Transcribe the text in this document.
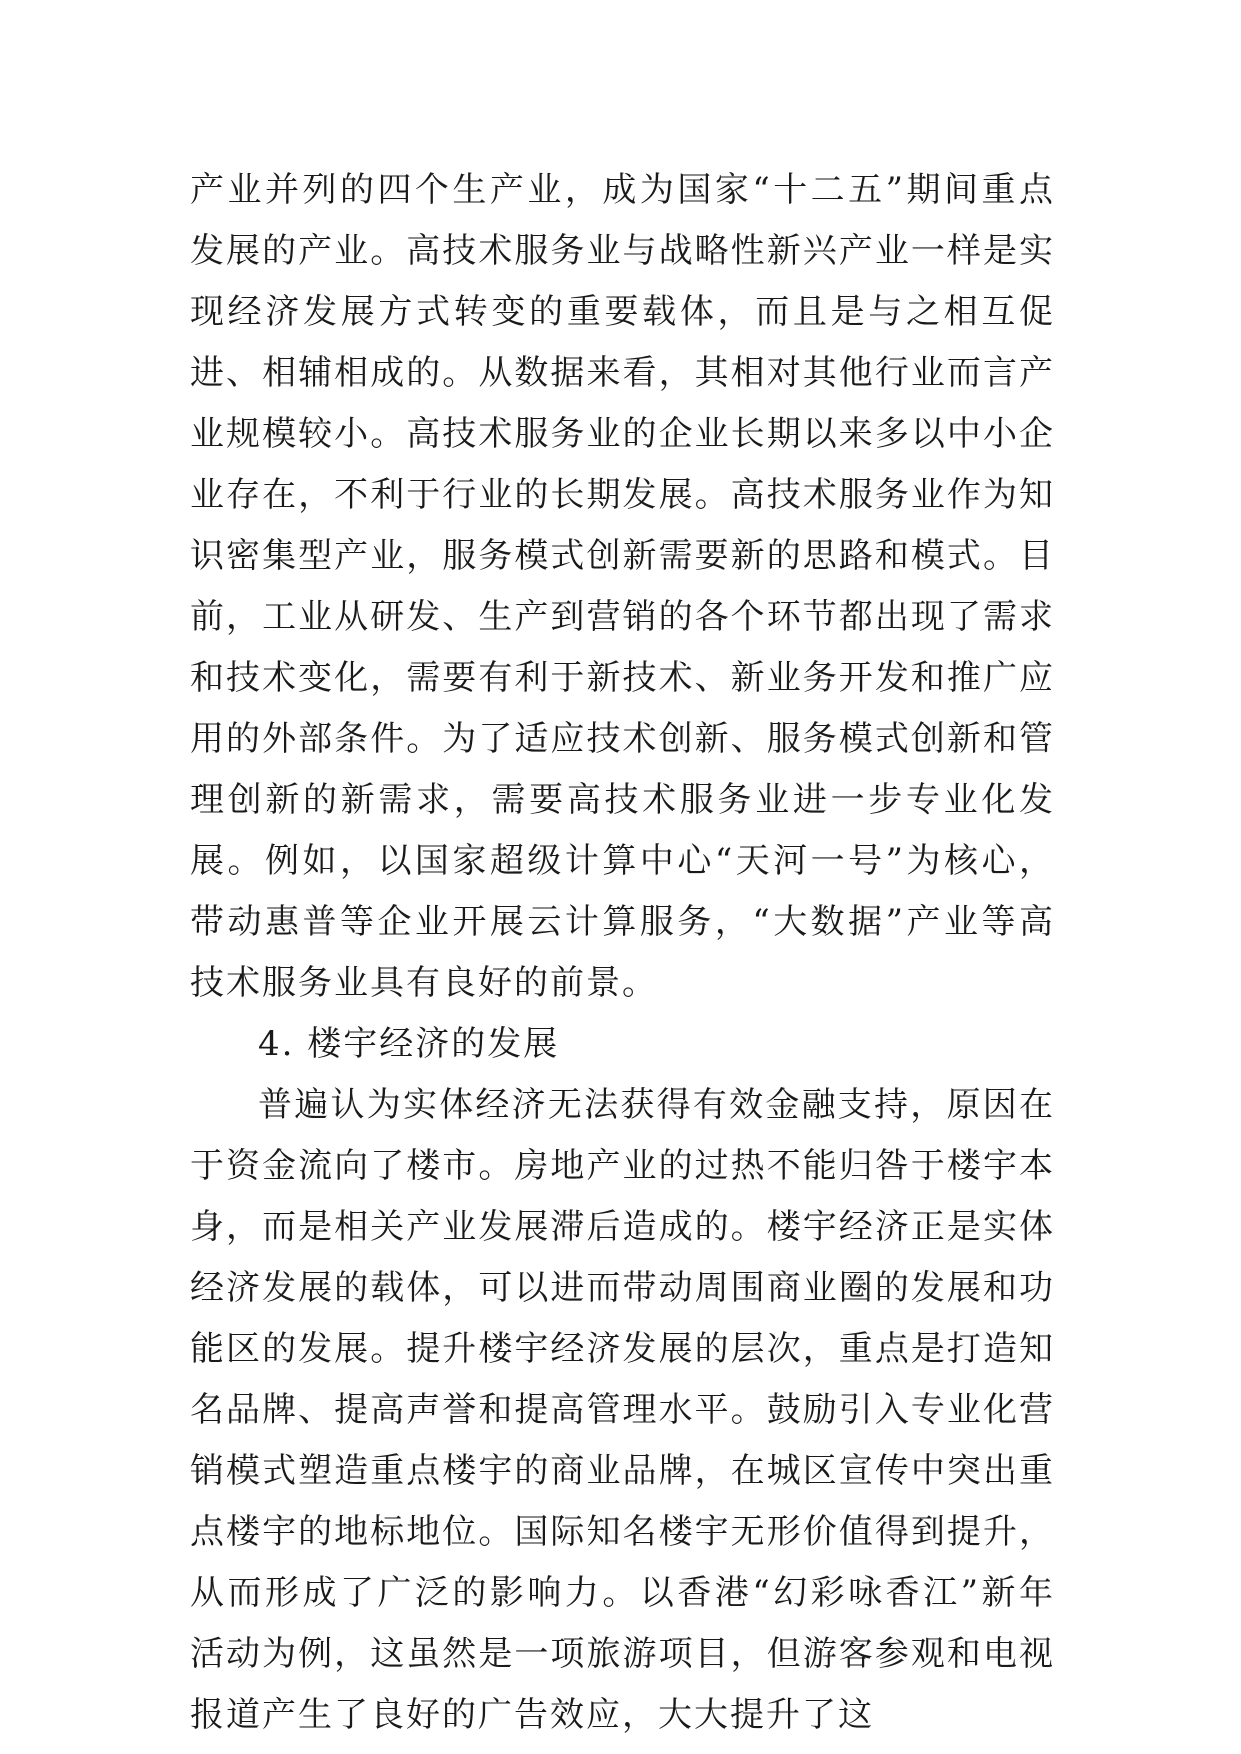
产业并列的四个生产业，成为国家“十二五”期间重点发展的产业。高技术服务业与战略性新兴产业一样是实现经济发展方式转变的重要载体，而且是与之相互促进、相辅相成的。从数据来看，其相对其他行业而言产业规模较小。高技术服务业的企业长期以来多以中小企业存在，不利于行业的长期发展。高技术服务业作为知识密集型产业，服务模式创新需要新的思路和模式。目前，工业从研发、生产到营销的各个环节都出现了需求和技术变化，需要有利于新技术、新业务开发和推广应用的外部条件。为了适应技术创新、服务模式创新和管理创新的新需求，需要高技术服务业进一步专业化发展。例如，以国家超级计算中心“天河一号”为核心，带动惠普等企业开展云计算服务，“大数据”产业等高技术服务业具有良好的前景。

4. 楼宇经济的发展

普遍认为实体经济无法获得有效金融支持，原因在于资金流向了楼市。房地产业的过热不能归咎于楼宇本身，而是相关产业发展滞后造成的。楼宇经济正是实体经济发展的载体，可以进而带动周围商业圈的发展和功能区的发展。提升楼宇经济发展的层次，重点是打造知名品牌、提高声誉和提高管理水平。鼓励引入专业化营销模式塑造重点楼宇的商业品牌，在城区宣传中突出重点楼宇的地标地位。国际知名楼宇无形价值得到提升，从而形成了广泛的影响力。以香港“幻彩咏香江”新年活动为例，这虽然是一项旅游项目，但游客参观和电视报道产生了良好的广告效应，大大提升了这
